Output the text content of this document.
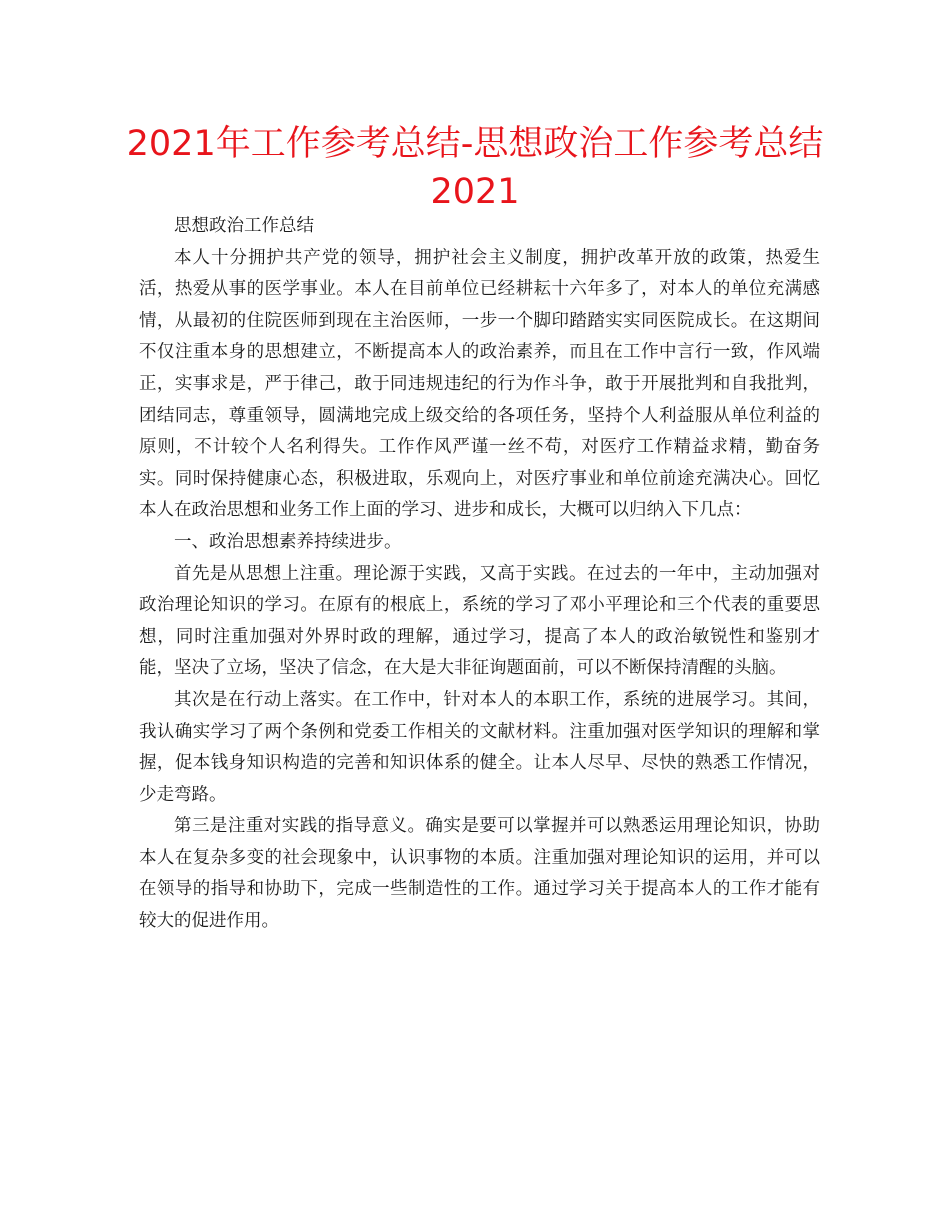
2021年工作参考总结-思想政治工作参考总结2021

思想政治工作总结

本人十分拥护共产党的领导，拥护社会主义制度，拥护改革开放的政策，热爱生活，热爱从事的医学事业。本人在目前单位已经耕耘十六年多了，对本人的单位充满感情，从最初的住院医师到现在主治医师，一步一个脚印踏踏实实同医院成长。在这期间不仅注重本身的思想建立，不断提高本人的政治素养，而且在工作中言行一致，作风端正，实事求是，严于律己，敢于同违规违纪的行为作斗争，敢于开展批判和自我批判，团结同志，尊重领导，圆满地完成上级交给的各项任务，坚持个人利益服从单位利益的原则，不计较个人名利得失。工作作风严谨一丝不苟，对医疗工作精益求精，勤奋务实。同时保持健康心态，积极进取，乐观向上，对医疗事业和单位前途充满决心。回忆本人在政治思想和业务工作上面的学习、进步和成长，大概可以归纳入下几点：

一、政治思想素养持续进步。

首先是从思想上注重。理论源于实践，又高于实践。在过去的一年中，主动加强对政治理论知识的学习。在原有的根底上，系统的学习了邓小平理论和三个代表的重要思想，同时注重加强对外界时政的理解，通过学习，提高了本人的政治敏锐性和鉴别才能，坚决了立场，坚决了信念，在大是大非征询题面前，可以不断保持清醒的头脑。

其次是在行动上落实。在工作中，针对本人的本职工作，系统的进展学习。其间，我认确实学习了两个条例和党委工作相关的文献材料。注重加强对医学知识的理解和掌握，促本钱身知识构造的完善和知识体系的健全。让本人尽早、尽快的熟悉工作情况，少走弯路。

第三是注重对实践的指导意义。确实是要可以掌握并可以熟悉运用理论知识，协助本人在复杂多变的社会现象中，认识事物的本质。注重加强对理论知识的运用，并可以在领导的指导和协助下，完成一些制造性的工作。通过学习关于提高本人的工作才能有较大的促进作用。
